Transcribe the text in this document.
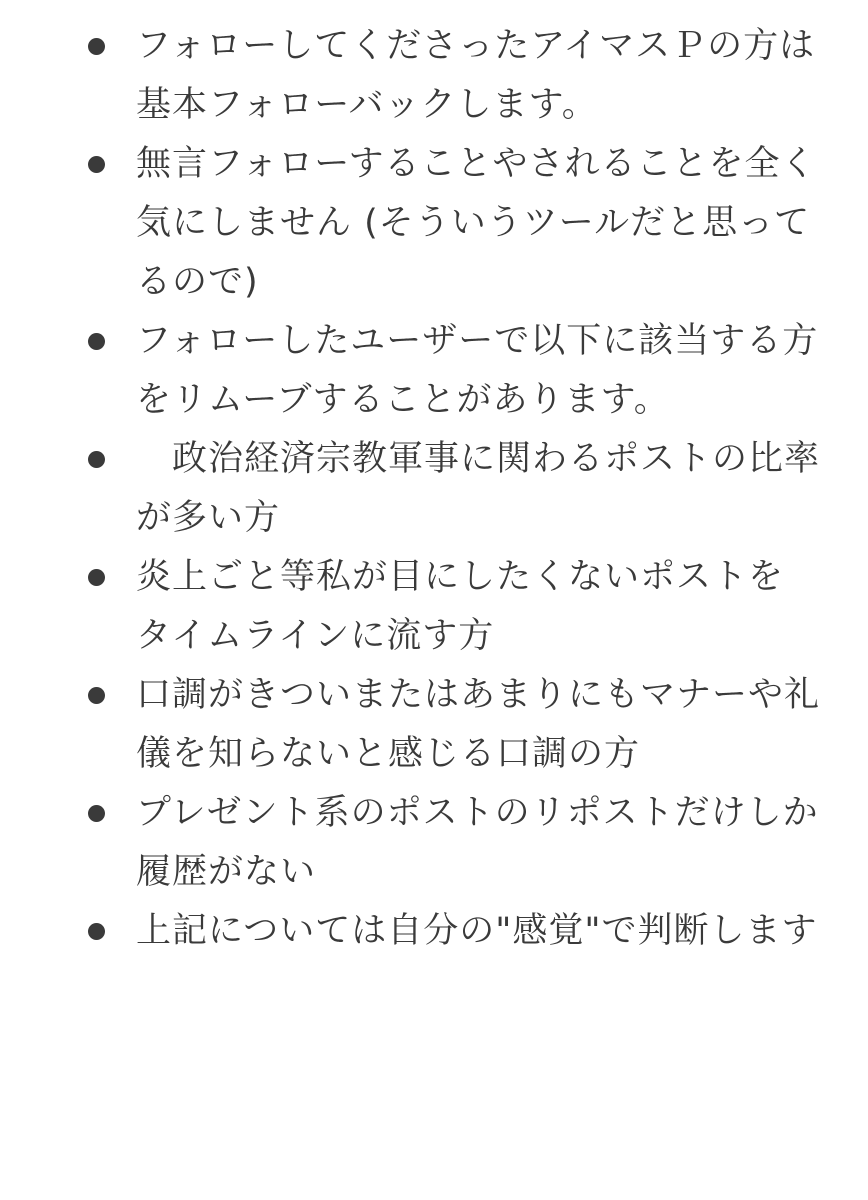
フォローしてくださったアイマスＰの方は基本フォローバックします。
無言フォローすることやされることを全く気にしません (そういうツールだと思ってるので)
フォローしたユーザーで以下に該当する方をリムーブすることがあります。
　政治経済宗教軍事に関わるポストの比率が多い方
炎上ごと等私が目にしたくないポストをタイムラインに流す方
口調がきついまたはあまりにもマナーや礼儀を知らないと感じる口調の方
プレゼント系のポストのリポストだけしか履歴がない
上記については自分の"感覚"で判断します
